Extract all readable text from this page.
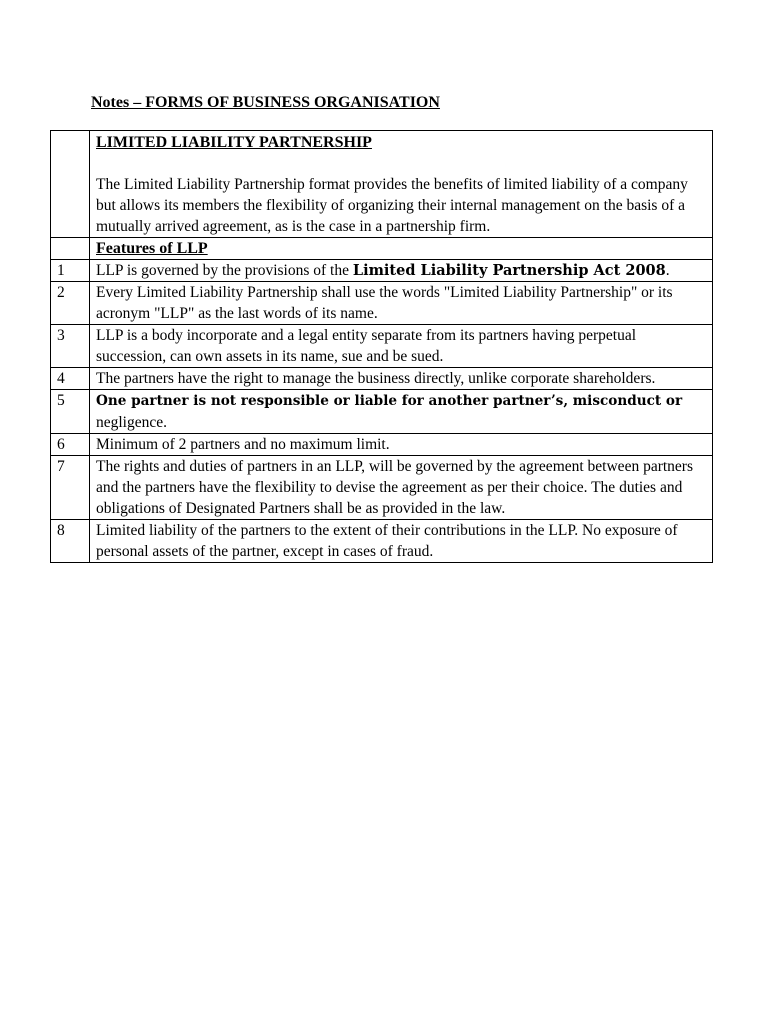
Notes – FORMS OF BUSINESS ORGANISATION

	LIMITED LIABILITY PARTNERSHIP
The Limited Liability Partnership format provides the benefits of limited liability of a company but allows its members the flexibility of organizing their internal management on the basis of a mutually arrived agreement, as is the case in a partnership firm.

	Features of LLP

1	LLP is governed by the provisions of the Limited Liability Partnership Act 2008.
2	Every Limited Liability Partnership shall use the words "Limited Liability Partnership" or its acronym "LLP" as the last words of its name.
3	LLP is a body incorporate and a legal entity separate from its partners having perpetual succession, can own assets in its name, sue and be sued.
4	The partners have the right to manage the business directly, unlike corporate shareholders.
5	One partner is not responsible or liable for another partner’s, misconduct or negligence.
6	Minimum of 2 partners and no maximum limit.
7	The rights and duties of partners in an LLP, will be governed by the agreement between partners and the partners have the flexibility to devise the agreement as per their choice. The duties and obligations of Designated Partners shall be as provided in the law.
8	Limited liability of the partners to the extent of their contributions in the LLP. No exposure of personal assets of the partner, except in cases of fraud.
